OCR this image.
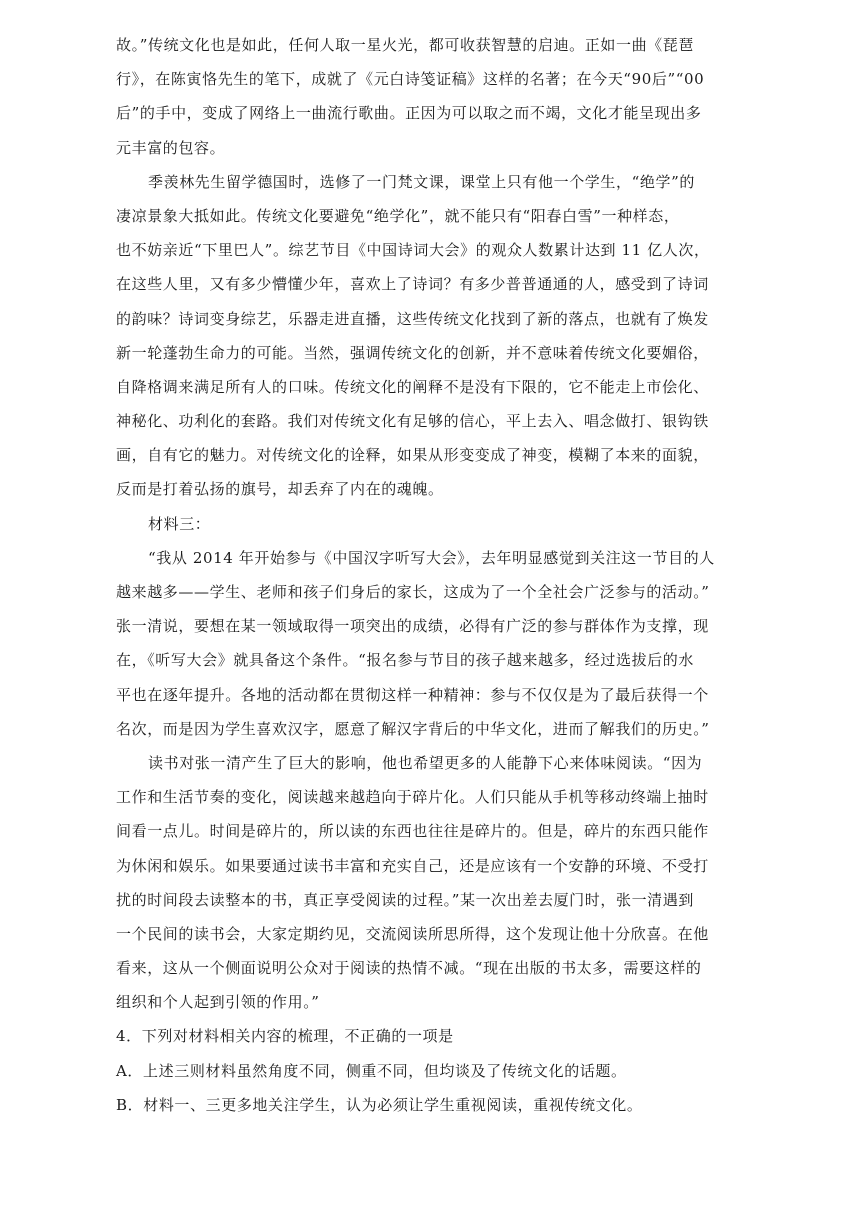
故。”传统文化也是如此，任何人取一星火光，都可收获智慧的启迪。正如一曲《琵琶
行》，在陈寅恪先生的笔下，成就了《元白诗笺证稿》这样的名著；在今天“90后”“00
后”的手中，变成了网络上一曲流行歌曲。正因为可以取之而不竭，文化才能呈现出多
元丰富的包容。
季羡林先生留学德国时，选修了一门梵文课，课堂上只有他一个学生，“绝学”的
凄凉景象大抵如此。传统文化要避免“绝学化”，就不能只有“阳春白雪”一种样态，
也不妨亲近“下里巴人”。综艺节目《中国诗词大会》的观众人数累计达到 11 亿人次，
在这些人里，又有多少懵懂少年，喜欢上了诗词？有多少普普通通的人，感受到了诗词
的韵味？诗词变身综艺，乐器走进直播，这些传统文化找到了新的落点，也就有了焕发
新一轮蓬勃生命力的可能。当然，强调传统文化的创新，并不意味着传统文化要媚俗，
自降格调来满足所有人的口味。传统文化的阐释不是没有下限的，它不能走上市侩化、
神秘化、功利化的套路。我们对传统文化有足够的信心，平上去入、唱念做打、银钩铁
画，自有它的魅力。对传统文化的诠释，如果从形变变成了神变，模糊了本来的面貌，
反而是打着弘扬的旗号，却丢弃了内在的魂魄。
材料三：
“我从 2014 年开始参与《中国汉字听写大会》，去年明显感觉到关注这一节目的人
越来越多——学生、老师和孩子们身后的家长，这成为了一个全社会广泛参与的活动。”
张一清说，要想在某一领域取得一项突出的成绩，必得有广泛的参与群体作为支撑，现
在，《听写大会》就具备这个条件。“报名参与节目的孩子越来越多，经过选拔后的水
平也在逐年提升。各地的活动都在贯彻这样一种精神：参与不仅仅是为了最后获得一个
名次，而是因为学生喜欢汉字，愿意了解汉字背后的中华文化，进而了解我们的历史。”
读书对张一清产生了巨大的影响，他也希望更多的人能静下心来体味阅读。“因为
工作和生活节奏的变化，阅读越来越趋向于碎片化。人们只能从手机等移动终端上抽时
间看一点儿。时间是碎片的，所以读的东西也往往是碎片的。但是，碎片的东西只能作
为休闲和娱乐。如果要通过读书丰富和充实自己，还是应该有一个安静的环境、不受打
扰的时间段去读整本的书，真正享受阅读的过程。”某一次出差去厦门时，张一清遇到
一个民间的读书会，大家定期约见，交流阅读所思所得，这个发现让他十分欣喜。在他
看来，这从一个侧面说明公众对于阅读的热情不减。“现在出版的书太多，需要这样的
组织和个人起到引领的作用。”
4．下列对材料相关内容的梳理，不正确的一项是
A．上述三则材料虽然角度不同，侧重不同，但均谈及了传统文化的话题。
B．材料一、三更多地关注学生，认为必须让学生重视阅读，重视传统文化。
